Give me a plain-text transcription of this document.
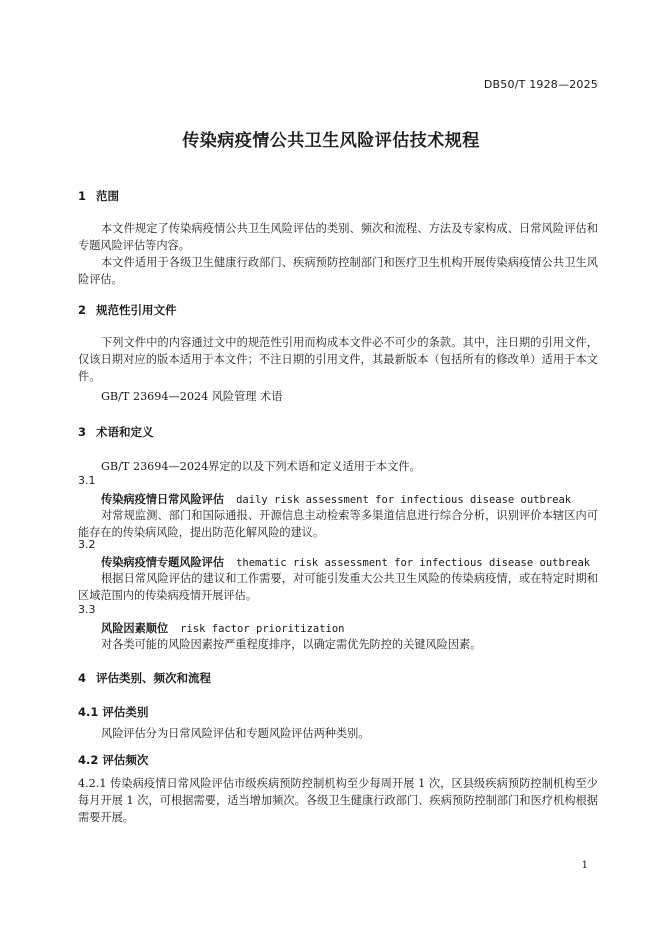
DB50/T 1928—2025
传染病疫情公共卫生风险评估技术规程
1 范围
本文件规定了传染病疫情公共卫生风险评估的类别、频次和流程、方法及专家构成、日常风险评估和专题风险评估等内容。
本文件适用于各级卫生健康行政部门、疾病预防控制部门和医疗卫生机构开展传染病疫情公共卫生风险评估。
2 规范性引用文件
下列文件中的内容通过文中的规范性引用而构成本文件必不可少的条款。其中，注日期的引用文件，仅该日期对应的版本适用于本文件；不注日期的引用文件，其最新版本（包括所有的修改单）适用于本文件。
GB/T 23694—2024 风险管理 术语
3 术语和定义
GB/T 23694—2024界定的以及下列术语和定义适用于本文件。
3.1
传染病疫情日常风险评估 daily risk assessment for infectious disease outbreak
对常规监测、部门和国际通报、开源信息主动检索等多渠道信息进行综合分析，识别评价本辖区内可能存在的传染病风险，提出防范化解风险的建议。
3.2
传染病疫情专题风险评估 thematic risk assessment for infectious disease outbreak
根据日常风险评估的建议和工作需要，对可能引发重大公共卫生风险的传染病疫情，或在特定时期和区域范围内的传染病疫情开展评估。
3.3
风险因素顺位 risk factor prioritization
对各类可能的风险因素按严重程度排序，以确定需优先防控的关键风险因素。
4 评估类别、频次和流程
4.1 评估类别
风险评估分为日常风险评估和专题风险评估两种类别。
4.2 评估频次
4.2.1 传染病疫情日常风险评估市级疾病预防控制机构至少每周开展 1 次，区县级疾病预防控制机构至少每月开展 1 次，可根据需要，适当增加频次。各级卫生健康行政部门、疾病预防控制部门和医疗机构根据需要开展。
1
